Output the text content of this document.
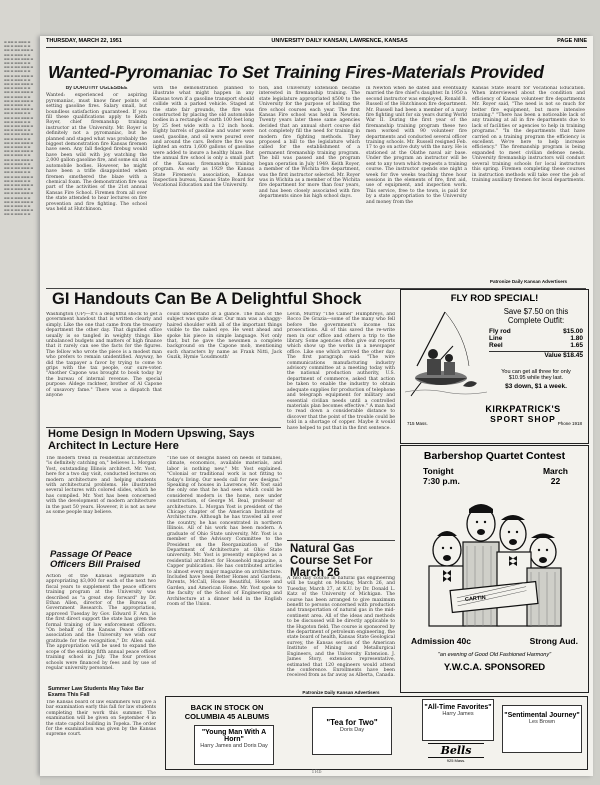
▬ ▬▬ ▬ ▬▬▬ ▬ ▬▬ ▬ ▬▬▬ ▬ ▬ ▬▬ ▬ ▬▬ ▬▬▬ ▬ ▬▬ ▬ ▬▬▬ ▬ ▬ ▬▬ ▬ ▬▬ ▬▬▬ ▬ ▬▬ ▬ ▬▬▬ ▬ ▬ ▬▬ ▬ ▬▬ ▬▬▬ ▬ ▬▬ ▬ ▬▬▬ ▬ ▬ ▬▬ ▬ ▬▬ ▬▬▬ ▬ ▬▬ ▬ ▬▬▬ ▬ ▬ ▬▬ ▬ ▬▬ ▬▬▬ ▬ ▬▬ ▬ ▬▬▬ ▬ ▬ ▬▬ ▬ ▬▬ ▬▬▬ ▬ ▬▬ ▬ ▬▬▬ ▬ ▬ ▬▬ ▬ ▬▬ ▬▬▬ ▬ ▬▬ ▬ ▬▬▬ ▬ ▬ ▬▬ ▬ ▬▬ ▬▬▬ ▬ ▬▬ ▬ ▬▬▬ ▬ ▬ ▬▬ ▬ ▬▬ ▬▬▬ ▬ ▬▬ ▬ ▬▬▬ ▬ ▬ ▬▬ ▬ ▬▬ ▬▬▬ ▬ ▬▬ ▬ ▬▬▬ ▬ ▬ ▬▬ ▬ ▬▬ ▬▬▬ ▬ ▬▬ ▬ ▬▬▬ ▬ ▬ ▬▬ ▬ ▬▬ ▬▬▬ ▬ ▬▬ ▬ ▬▬▬ ▬ ▬ ▬▬ ▬ ▬▬ ▬▬▬ ▬ ▬▬ ▬ ▬▬▬ ▬ ▬ ▬▬ ▬ ▬▬ ▬▬▬ ▬ ▬▬ ▬ ▬▬▬ ▬ ▬ ▬▬ ▬ ▬▬ ▬▬▬ ▬ ▬▬ ▬ ▬▬▬ ▬ ▬ ▬▬ ▬ ▬▬ ▬▬▬ ▬ ▬▬ ▬ ▬▬▬ ▬ ▬ ▬▬ ▬ ▬▬ ▬▬▬ ▬ ▬▬ ▬ ▬▬▬ ▬ ▬ ▬▬ ▬ ▬▬ ▬▬▬ ▬ ▬▬ ▬ ▬▬▬ ▬ ▬ ▬▬ ▬ ▬▬ ▬▬▬ ▬ ▬▬ ▬ ▬▬▬ ▬ ▬ ▬▬ ▬ ▬▬ ▬▬▬ ▬ ▬▬ ▬ ▬▬▬ ▬ ▬
THURSDAY, MARCH 22, 1951	UNIVERSITY DAILY KANSAN, LAWRENCE, KANSAS	PAGE NINE
Wanted-Pyromaniac To Set Training Fires-Materials Provided
By DOROTHY OGLESBEE
Wanted: experienced or aspiring pyromaniac, must know finer points of setting gasoline fires. Salary small, but boundless satisfaction guaranteed. If you fill these qualifications apply to Keith Royer, chief firemanship training instructor at the University. Mr. Royer is definitely not a pyromaniac, but he planned and staged what was probably the biggest demonstration fire Kansas firemen have seen. Any fall fledged firebug would have been wild with joy watching the 2,000 gallon gasoline fire, and some six old automobile bodies. However, he might have been a trifle disappointed when firemen smothered the blaze with a chemical foam. The demonstration fire was part of the activities of the 21st annual Kansas Fire School. Firemen from all over the state attended to hear lectures on fire prevention and fire fighting. The school was held at Hutchinson.
with the demonstration planned to illustrate what might happen in any Kansas town if a gasoline transport should collide with a parked vehicle. Staged at the state fair grounds, the fire was constructed by placing the old automobile bodies in a rectangle of earth 100 feet long by 25 feet wide with a 12 inch hook. Eighty barrels of gasoline and water were used, gasoline, and oil were poured over and around the cars. Before the fire was lighted an extra 1,600 gallons of gasoline were added to insure a healthy blaze. But the annual fire school is only a small part of the Kansas firemanship training program. As early as 1929 the Kansas State Firemen's association, Kansas Inspection bureau, Kansas State Board for Vocational Education and the University.
tion, and University Extension became interested in firemanship training. The state legislature appropriated $500 to the University for the purpose of holding the fire school courses each year. The first Kansas Fire school was held in Newton. Twenty years later these same agencies decided that an annual short course did not completely fill the need for training in modern fire fighting methods. They proposed a bill to the legislature which called for the establishment of a permanent firemanship training program. The bill was passed and the program began operation in July 1949. Keith Royer, a member of the Wichita fire department, was the first instructor selected. Mr. Royer was in Wichita as a member of the Wichita fire department for more than four years, and has been closely associated with fire departments since his high school days.
in Newton when he dated and eventually married the fire chief's daughter. In 1950 a second instructor was employed, Ronald B. Russell of the Hutchinson fire department. Mr. Russell had been a member of a navy fire fighting unit for six years during World War II. During the first year of the firemanship training program these two men worked with 90 volunteer fire departments and conducted several officer training schools. Mr. Russell resigned Feb. 17 to go on active duty with the navy. He is stationed at the Olathe naval air base. Under the program an instructor will be sent to any town which requests a training course. The instructor spends one night a week for five weeks teaching three hour sessions in the elements of fire, first aid, use of equipment, and inspection work. This service, free to the town, is paid for by a state appropriation to the University and money from the
Kansas State Board for Vocational Education. When interviewed about the condition and efficiency of Kansas volunteer fire departments Mr. Royer said, "The need is not so much for better fire equipment, but more intensive training." "There has been a noticeable lack of any training at all in fire departments due to lack of facilities or agencies to help in training programs." "In the departments that have carried on a training program the efficiency is excellent. We're here to help increase efficiency." The firemanship program is being expanded to meet civilian defense needs. University firemanship instructors will conduct several training schools for local instructors this spring. Firemen completing these courses in instruction methods will take over the job of training auxiliary firemen for local departments.
Patronize Daily Kansan Advertisers
GI Handouts Can Be A Delightful Shock
Washington (UP)—It's a delightful shock to get a government handout that is written clearly and simply. Like the one that came from the treasury department the other day. That dignified office usually is so tangled in weighty things like unbalanced budgets and matters of high finance that it rarely can see the facts for the figures. The fellow who wrote the piece is a modest man who prefers to remain unidentified. Anyway, he did the taxpayer a favor by trying to come to grips with the tax people, our sure-voter. "Another Capone was brought to book today by the bureau of internal revenue. The special purpose: Aldege rackteer, brother of Al Capone of unsavory fame." There was a dispatch that anyone
could understand at a glance. The man of the subject was quite clear. Our man was a shaggy-haired shoulder with all of the important things visible to the naked eye. He went ahead and spoke his piece in simple language. Not only that, but he gave the newsmen a complete background on the Capone mob, mentioning such characters by name as Frank Nitti, Jack Guzik, Hymie 'Loudmouth'
Levin, Murray "The Camel" Humphreys, and Rocco De Grazia—some of the many who fell before the government's income tax prosecutions. All of this saved the re-write men in our office and others a trip to the library. Some agencies often give out reports which show up the works in a newspaper office. Like one which arrived the other day. The first paragraph said: "The wire communications manufacturing industry advisory committee at a meeting today with the national production authority, U.S. department of commerce, asked that action be taken to enable the industry to obtain adequate supplies for production of telephone and telegraph equipment for military and essential civilian needs until a controlled materials plan becomes effective." A man had to read down a considerable distance to discover that the point of the trouble could be told in a shortage of copper. Maybe it would have helped to put that in the first sentence.
Home Design In Modern Upswing, Says Architect In Lecture Here
The modern trend in residential architecture "is definitely catching on," believes L. Morgan Yost, outstanding Illinois architect. Mr. Yost, here for a two day visit, conducted lectures on modern architecture and helping students with architectural problems. He illustrated several lectures with colored slides, which he has compiled. Mr. Yost has been concerned with the development of modern architecture in the past 50 years. However, it is not as new as some people may believe.
"The use of designs based on needs of families, climate, economics, available materials, and labor is nothing new," Mr. Yost explained. "Colonial or traditional work is not fitting to today's living. Our needs call for new designs." Speaking of houses in Lawrence, Mr. Yost said the only one that he had seen which could be considered modern is the home, now under construction, of George M. Beal, professor of architecture. L. Morgan Yost is president of the Chicago chapter of the American Institute of Architecture. Although he has traveled all over the country, he has concentrated in northern Illinois. All of his work has been modern. A graduate of Ohio State university, Mr. Yost is a member of the Advisory Committee to the President on the Reorganization of the Department of Architecture at Ohio State university. Mr. Yost is presently employed as a residential architect for Household magazine, a Capper publication. He has contributed articles to almost every major magazine on architecture. Included have been Better Homes and Gardens, Parents, McCall, House Beautiful, House and Garden, and American Home. Mr. Yost spoke to the faculty of the School of Engineering and Architecture at a dinner held in the English room of the Union.
Passage Of Peace Officers Bill Praised
Action of the Kansas legislature in appropriating $3,000 for each of the next two fiscal years to supplement the peace officers training program at the University was described as "a great step forward" by Dr. Ethan Allen, director of the Bureau of Government Research. The appropriation, approved Tuesday by Gov. Edward F. Arn, is the first direct support the state has given the formal training of law enforcement officers. "On behalf of the Kansas Peace Officers association and the University we wish our gratitude for the recognition," Dr. Allen said. The appropriation will be used to expand the scope of the existing fifth annual peace officer training school in July. The four previous schools were financed by fees and by use of regular university personnel.
Summer Law Students May Take Bar Exams This Fall
The Kansas board of law examiners will give a bar examination early this fall for law students completing their work this summer. The examination will be given on September 4 in the state capitol building in Topeka. The order for the examination was given by the Kansas supreme court.
Natural Gas Course Set For March 26
A two day course in natural gas engineering will be taught on Monday, March 26, and Tuesday, March 27, at K.U. by Dr. Donald L. Katz of the University of Michigan. The course has been arranged to give maximum benefit to persons concerned with production and transportation of natural gas in the mid-continent area. All of the ideas and methods to be discussed will be directly applicable to the Hugoton field. The course is sponsored by the department of petroleum engineering, the state board of health, Kansas State Geological survey, the Kansas section of the American Institute of Mining and Metallurgical Engineers, and the University Extension. J. James Story, extension representative, estimated that 120 engineers would attend the conference. Enrollments have been received from as far away as Alberta, Canada.
Patronize Daily Kansan Advertisers
FLY ROD SPECIAL!
Save $7.50 on this
Complete Outfit:
Fly rod	$15.00
Line	1.80
Reel	1.65
Value $18.45
You can get all three for only
$10.95 while they last.
$3 down, $1 a week.
KIRKPATRICK'S
SPORT SHOP
715 Mass.	Phone 1918
Barbershop Quartet Contest
Tonight
7:30 p.m.
March
22
CARTIN
Admission 40c	Strong Aud.
"an evening of Good Old Fashioned Harmony"
Y.W.C.A. SPONSORED
BACK IN STOCK ON
COLUMBIA 45 ALBUMS
"Young Man With A Horn"
Harry James and Doris Day
"Tea for Two"
Doris Day
"All-Time Favorites"
Harry James	"Sentimental Journey"
Les Brown
Bells
925 Mass.
1Rb
